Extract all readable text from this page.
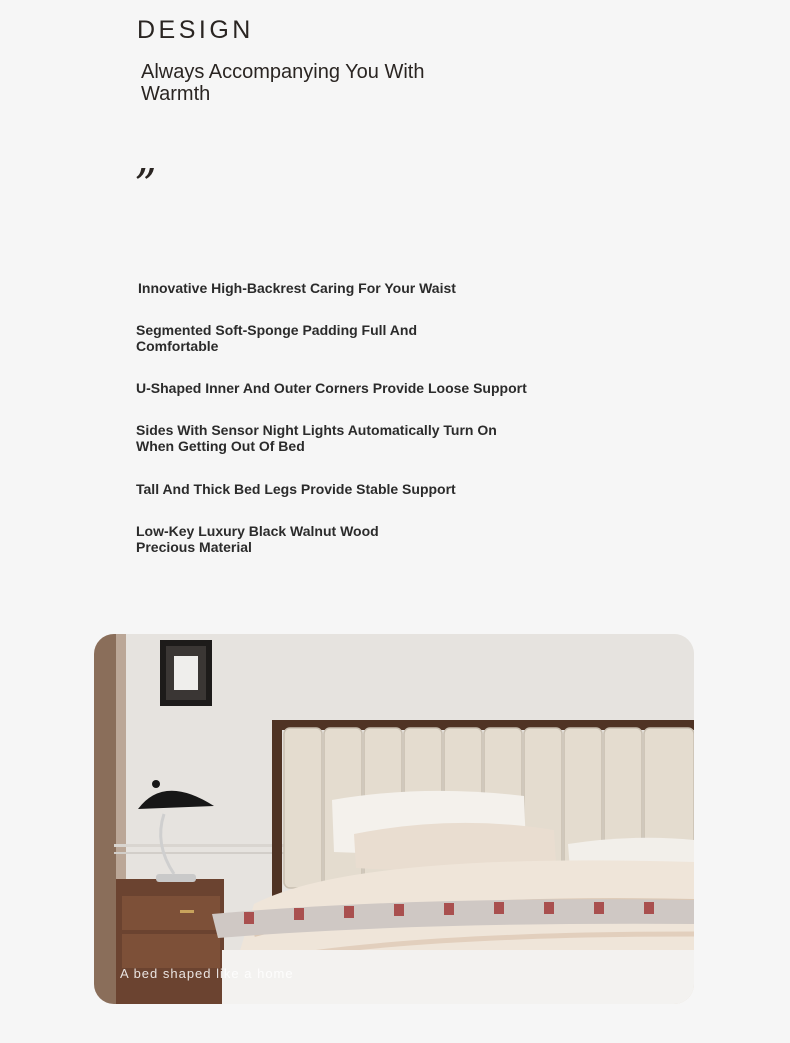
DESIGN
Always Accompanying You With Warmth
”
Innovative High-Backrest Caring For Your Waist
Segmented Soft-Sponge Padding Full And Comfortable
U-Shaped Inner And Outer Corners Provide Loose Support
Sides With Sensor Night Lights Automatically Turn On When Getting Out Of Bed
Tall And Thick Bed Legs Provide Stable Support
Low-Key Luxury Black Walnut Wood Precious Material
A bed shaped like a home
